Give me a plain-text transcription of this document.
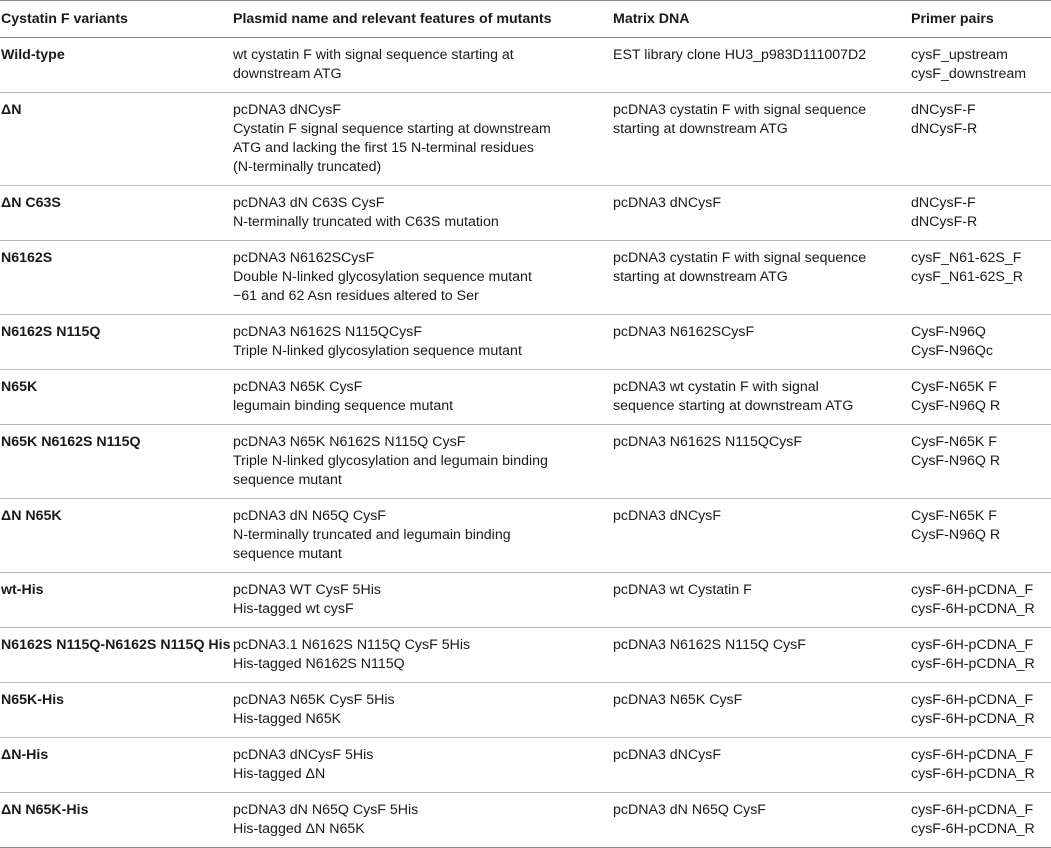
Cystatin F variants	Plasmid name and relevant features of mutants	Matrix DNA	Primer pairs
Wild-type	wt cystatin F with signal sequence starting at
downstream ATG	EST library clone HU3_p983D111007D2	cysF_upstream
cysF_downstream

ΔN	pcDNA3 dNCysF
Cystatin F signal sequence starting at downstream
ATG and lacking the first 15 N-terminal residues
(N-terminally truncated)	pcDNA3 cystatin F with signal sequence
starting at downstream ATG	dNCysF-F
dNCysF-R

ΔN C63S	pcDNA3 dN C63S CysF
N-terminally truncated with C63S mutation	pcDNA3 dNCysF	dNCysF-F
dNCysF-R

N6162S	pcDNA3 N6162SCysF
Double N-linked glycosylation sequence mutant
−61 and 62 Asn residues altered to Ser	pcDNA3 cystatin F with signal sequence
starting at downstream ATG	cysF_N61-62S_F
cysF_N61-62S_R

N6162S N115Q	pcDNA3 N6162S N115QCysF
Triple N-linked glycosylation sequence mutant	pcDNA3 N6162SCysF	CysF-N96Q
CysF-N96Qc

N65K	pcDNA3 N65K CysF
legumain binding sequence mutant	pcDNA3 wt cystatin F with signal
sequence starting at downstream ATG	CysF-N65K F
CysF-N96Q R

N65K N6162S N115Q	pcDNA3 N65K N6162S N115Q CysF
Triple N-linked glycosylation and legumain binding
sequence mutant	pcDNA3 N6162S N115QCysF	CysF-N65K F
CysF-N96Q R

ΔN N65K	pcDNA3 dN N65Q CysF
N-terminally truncated and legumain binding
sequence mutant	pcDNA3 dNCysF	CysF-N65K F
CysF-N96Q R

wt-His	pcDNA3 WT CysF 5His
His-tagged wt cysF	pcDNA3 wt Cystatin F	cysF-6H-pCDNA_F
cysF-6H-pCDNA_R

N6162S N115Q-N6162S N115Q His	pcDNA3.1 N6162S N115Q CysF 5His
His-tagged N6162S N115Q	pcDNA3 N6162S N115Q CysF	cysF-6H-pCDNA_F
cysF-6H-pCDNA_R

N65K-His	pcDNA3 N65K CysF 5His
His-tagged N65K	pcDNA3 N65K CysF	cysF-6H-pCDNA_F
cysF-6H-pCDNA_R

ΔN-His	pcDNA3 dNCysF 5His
His-tagged ΔN	pcDNA3 dNCysF	cysF-6H-pCDNA_F
cysF-6H-pCDNA_R

ΔN N65K-His	pcDNA3 dN N65Q CysF 5His
His-tagged ΔN N65K	pcDNA3 dN N65Q CysF	cysF-6H-pCDNA_F
cysF-6H-pCDNA_R
